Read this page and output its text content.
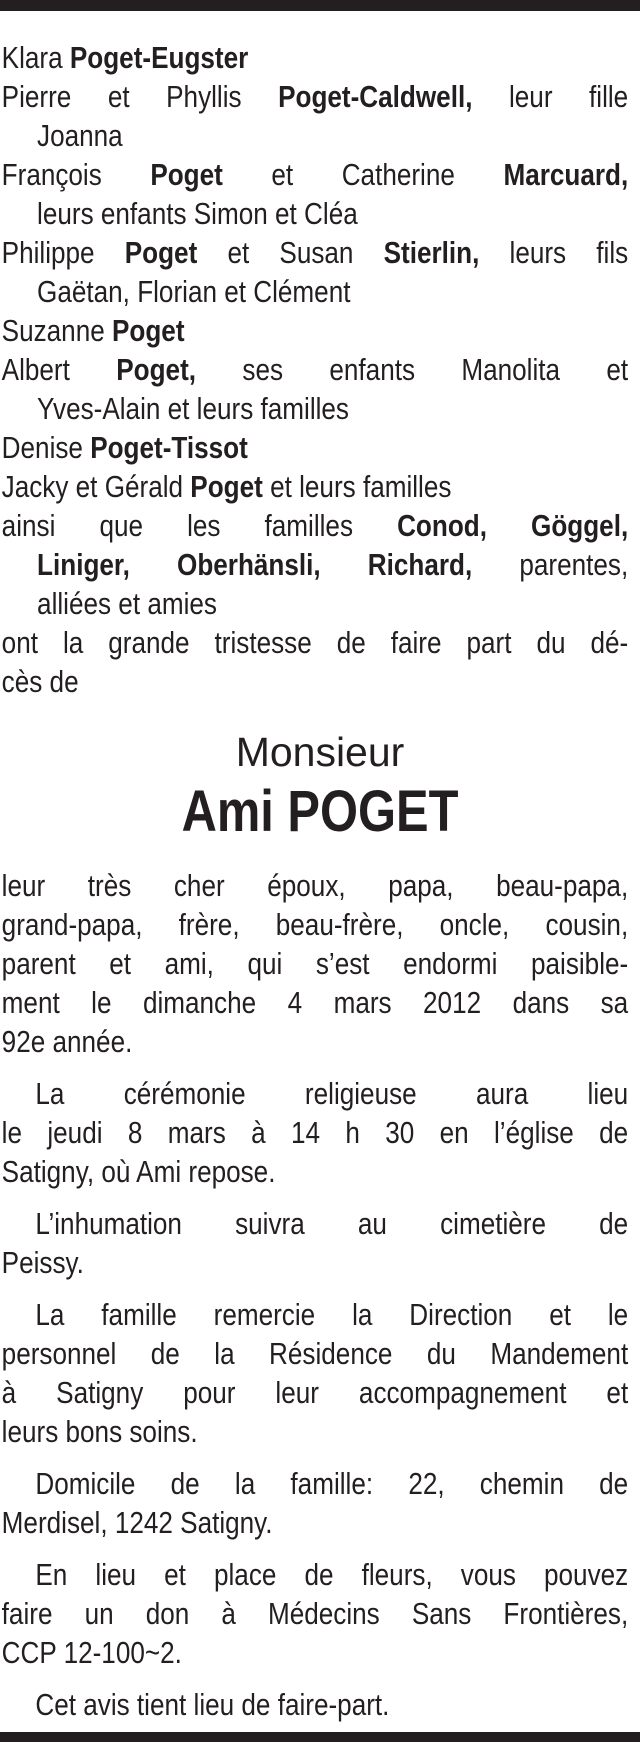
Klara Poget-Eugster
Pierre et Phyllis Poget-Caldwell, leur fille
Joanna
François Poget et Catherine Marcuard,
leurs enfants Simon et Cléa
Philippe Poget et Susan Stierlin, leurs fils
Gaëtan, Florian et Clément
Suzanne Poget
Albert Poget, ses enfants Manolita et
Yves-Alain et leurs familles
Denise Poget-Tissot
Jacky et Gérald Poget et leurs familles
ainsi que les familles Conod, Göggel,
Liniger, Oberhänsli, Richard, parentes,
alliées et amies
ont la grande tristesse de faire part du dé-
cès de
Monsieur
Ami POGET
leur très cher époux, papa, beau-papa,
grand-papa, frère, beau-frère, oncle, cousin,
parent et ami, qui s’est endormi paisible-
ment le dimanche 4 mars 2012 dans sa
92e année.
La cérémonie religieuse aura lieu
le jeudi 8 mars à 14 h 30 en l’église de
Satigny, où Ami repose.
L’inhumation suivra au cimetière de
Peissy.
La famille remercie la Direction et le
personnel de la Résidence du Mandement
à Satigny pour leur accompagnement et
leurs bons soins.
Domicile de la famille: 22, chemin de
Merdisel, 1242 Satigny.
En lieu et place de fleurs, vous pouvez
faire un don à Médecins Sans Frontières,
CCP 12-100~2.
Cet avis tient lieu de faire-part.
